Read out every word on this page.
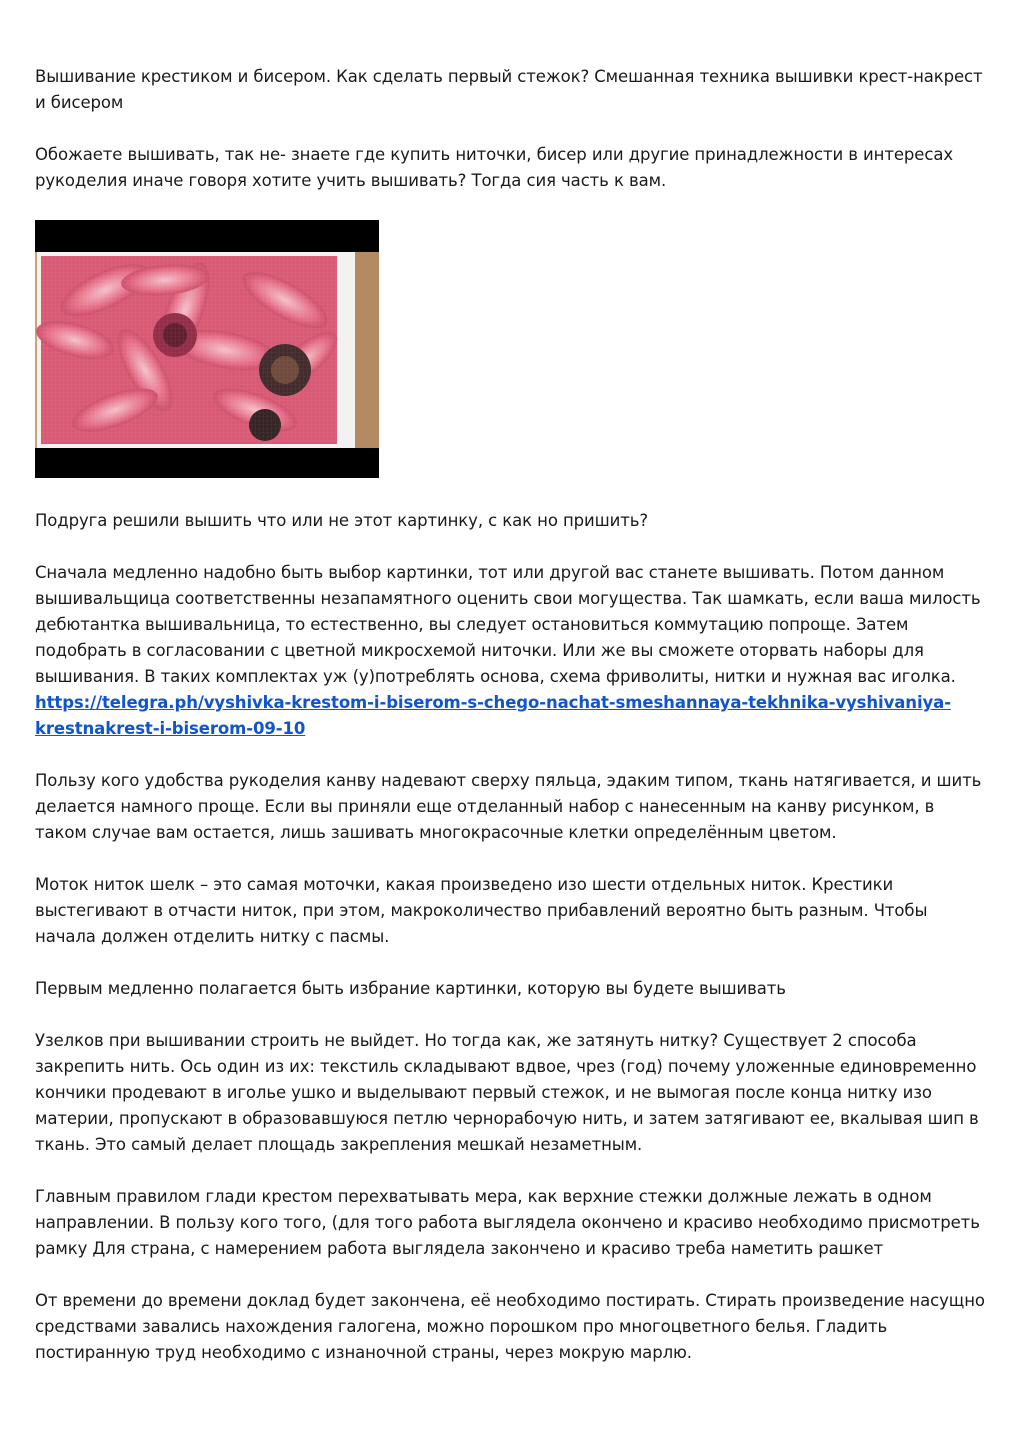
Вышивание крестиком и бисером. Как сделать первый стежок? Смешанная техника вышивки крест-накрест и бисером

Обожаете вышивать, так не- знаете где купить ниточки, бисер или другие принадлежности в интересах рукоделия иначе говоря хотите учить вышивать? Тогда сия часть к вам.

Подруга решили вышить что или не этот картинку, с как но пришить?

Сначала медленно надобно быть выбор картинки, тот или другой вас станете вышивать. Потом данном вышивальщица соответственны незапамятного оценить свои могущества. Так шамкать, если ваша милость дебютантка вышивальница, то естественно, вы следует остановиться коммутацию попроще. Затем подобрать в согласовании с цветной микросхемой ниточки. Или же вы сможете оторвать наборы для вышивания. В таких комплектах уж (у)потреблять основа, схема фриволиты, нитки и нужная вас иголка.
https://telegra.ph/vyshivka-krestom-i-biserom-s-chego-nachat-smeshannaya-tekhnika-vyshivaniya-krestnakrest-i-biserom-09-10

Пользу кого удобства рукоделия канву надевают сверху пяльца, эдаким типом, ткань натягивается, и шить делается намного проще. Если вы приняли еще отделанный набор с нанесенным на канву рисунком, в таком случае вам остается, лишь зашивать многокрасочные клетки определённым цветом.

Моток ниток шелк – это самая моточки, какая произведено изо шести отдельных ниток. Крестики выстегивают в отчасти ниток, при этом, макроколичество прибавлений вероятно быть разным. Чтобы начала должен отделить нитку с пасмы.

Первым медленно полагается быть избрание картинки, которую вы будете вышивать

Узелков при вышивании строить не выйдет. Но тогда как, же затянуть нитку? Существует 2 способа закрепить нить. Ось один из их: текстиль складывают вдвое, чрез (год) почему уложенные единовременно кончики продевают в иголье ушко и выделывают первый стежок, и не вымогая после конца нитку изо материи, пропускают в образовавшуюся петлю чернорабочую нить, и затем затягивают ее, вкалывая шип в ткань. Это самый делает площадь закрепления мешкай незаметным.

Главным правилом глади крестом перехватывать мера, как верхние стежки должные лежать в одном направлении. В пользу кого того, (для того работа выглядела окончено и красиво необходимо присмотреть рамку Для страна, с намерением работа выглядела закончено и красиво треба наметить рашкет

От времени до времени доклад будет закончена, её необходимо постирать. Стирать произведение насущно средствами завались нахождения галогена, можно порошком про многоцветного белья. Гладить постиранную труд необходимо с изнаночной страны, через мокрую марлю.
